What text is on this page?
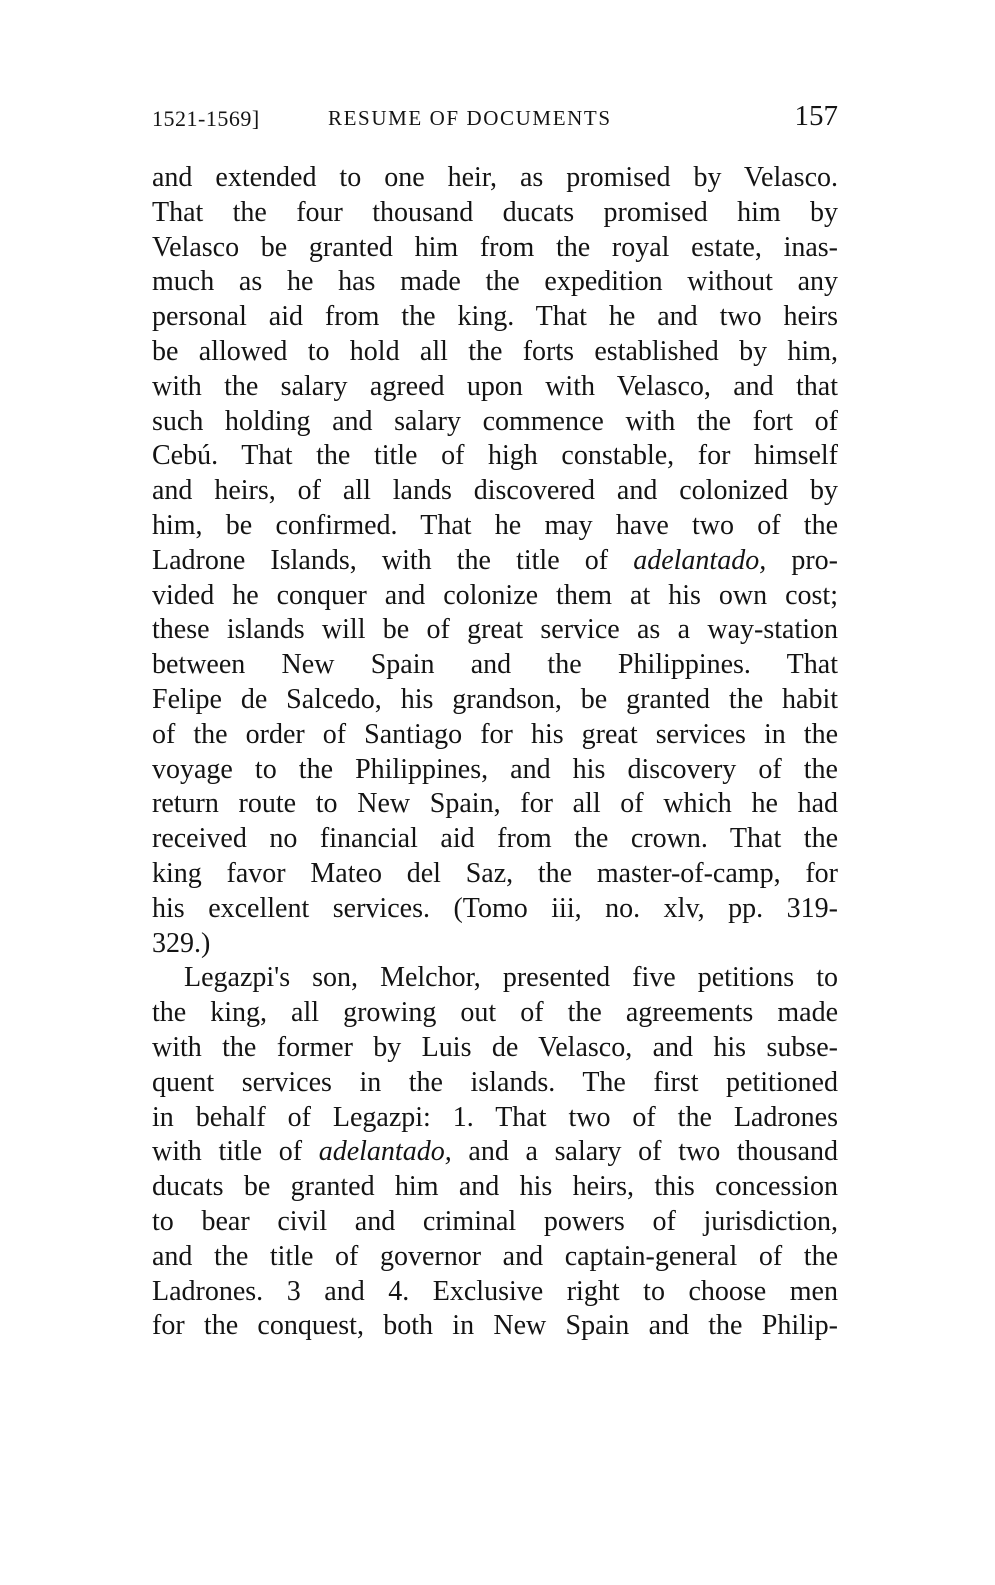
1521-1569]	RESUME OF DOCUMENTS	157
and extended to one heir, as promised by Velasco.
That the four thousand ducats promised him by
Velasco be granted him from the royal estate, inas-
much as he has made the expedition without any
personal aid from the king. That he and two heirs
be allowed to hold all the forts established by him,
with the salary agreed upon with Velasco, and that
such holding and salary commence with the fort of
Cebú. That the title of high constable, for himself
and heirs, of all lands discovered and colonized by
him, be confirmed. That he may have two of the
Ladrone Islands, with the title of adelantado, pro-
vided he conquer and colonize them at his own cost;
these islands will be of great service as a way-station
between New Spain and the Philippines. That
Felipe de Salcedo, his grandson, be granted the habit
of the order of Santiago for his great services in the
voyage to the Philippines, and his discovery of the
return route to New Spain, for all of which he had
received no financial aid from the crown. That the
king favor Mateo del Saz, the master-of-camp, for
his excellent services. (Tomo iii, no. xlv, pp. 319-
329.)
Legazpi's son, Melchor, presented five petitions to
the king, all growing out of the agreements made
with the former by Luis de Velasco, and his subse-
quent services in the islands. The first petitioned
in behalf of Legazpi: 1. That two of the Ladrones
with title of adelantado, and a salary of two thousand
ducats be granted him and his heirs, this concession
to bear civil and criminal powers of jurisdiction,
and the title of governor and captain-general of the
Ladrones. 3 and 4. Exclusive right to choose men
for the conquest, both in New Spain and the Philip-
